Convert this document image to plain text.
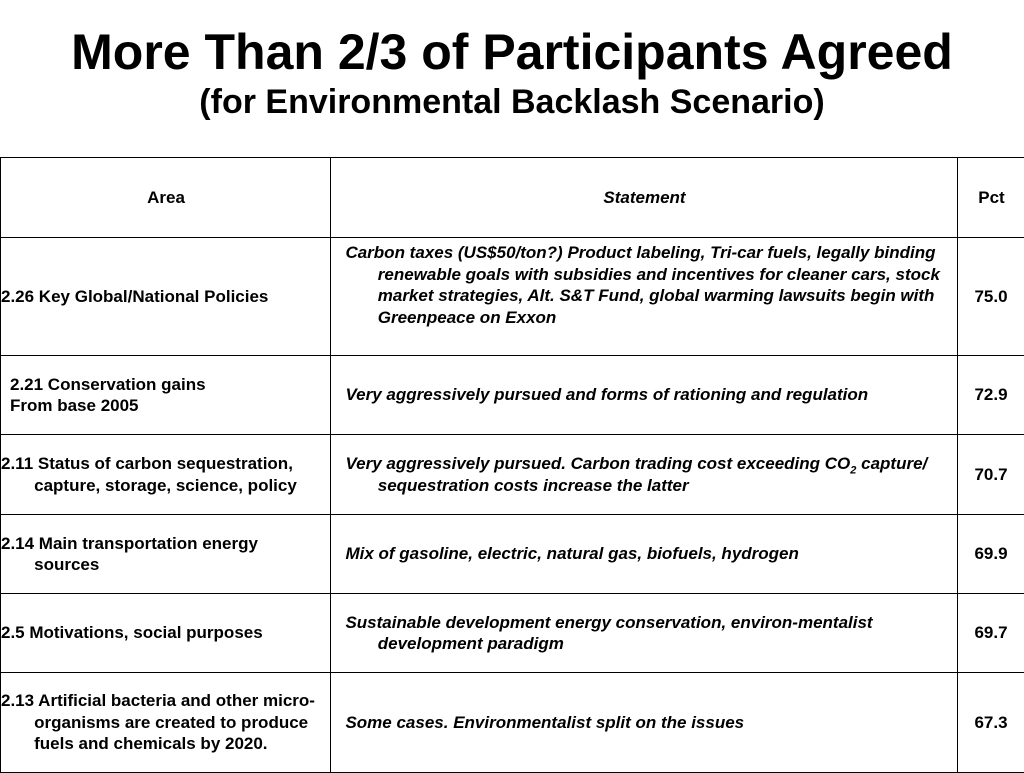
More Than 2/3 of Participants Agreed
(for Environmental Backlash Scenario)
Area	Statement	Pct
2.26 Key Global/National Policies	Carbon taxes (US$50/ton?) Product labeling, Tri-car fuels, legally binding renewable goals with subsidies and incentives for cleaner cars, stock market strategies, Alt. S&T Fund, global warming lawsuits begin with Greenpeace on Exxon	75.0

2.21 Conservation gains
From base 2005	Very aggressively pursued and forms of rationing and regulation	72.9
2.11 Status of carbon sequestration, capture, storage, science, policy	Very aggressively pursued. Carbon trading cost exceeding $CO_2$ capture/ sequestration costs increase the latter	70.7
2.14 Main transportation energy sources	Mix of gasoline, electric, natural gas, biofuels, hydrogen	69.9
2.5 Motivations, social purposes	Sustainable development energy conservation, environ-mentalist development paradigm	69.7
2.13 Artificial bacteria and other micro-organisms are created to produce fuels and chemicals by 2020.	Some cases. Environmentalist split on the issues	67.3
